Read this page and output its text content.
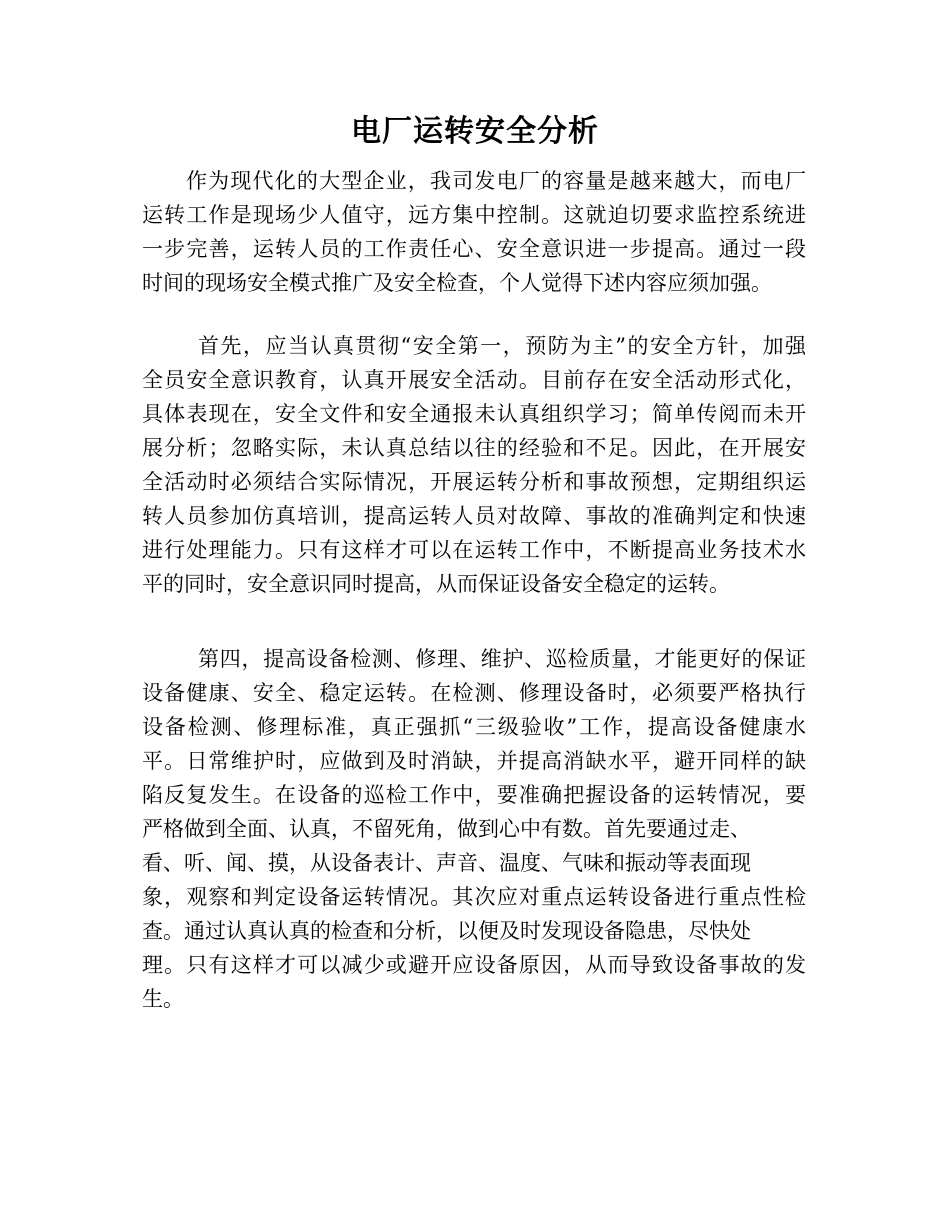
电厂运转安全分析

作为现代化的大型企业，我司发电厂的容量是越来越大，而电厂
运转工作是现场少人值守，远方集中控制。这就迫切要求监控系统进
一步完善，运转人员的工作责任心、安全意识进一步提高。通过一段
时间的现场安全模式推广及安全检查，个人觉得下述内容应须加强。

首先，应当认真贯彻“安全第一，预防为主”的安全方针，加强
全员安全意识教育，认真开展安全活动。目前存在安全活动形式化，
具体表现在，安全文件和安全通报未认真组织学习；简单传阅而未开
展分析；忽略实际，未认真总结以往的经验和不足。因此，在开展安
全活动时必须结合实际情况，开展运转分析和事故预想，定期组织运
转人员参加仿真培训，提高运转人员对故障、事故的准确判定和快速
进行处理能力。只有这样才可以在运转工作中，不断提高业务技术水
平的同时，安全意识同时提高，从而保证设备安全稳定的运转。

第四，提高设备检测、修理、维护、巡检质量，才能更好的保证
设备健康、安全、稳定运转。在检测、修理设备时，必须要严格执行
设备检测、修理标准，真正强抓“三级验收”工作，提高设备健康水
平。日常维护时，应做到及时消缺，并提高消缺水平，避开同样的缺
陷反复发生。在设备的巡检工作中，要准确把握设备的运转情况，要
严格做到全面、认真，不留死角，做到心中有数。首先要通过走、
看、听、闻、摸，从设备表计、声音、温度、气味和振动等表面现
象，观察和判定设备运转情况。其次应对重点运转设备进行重点性检
查。通过认真认真的检查和分析，以便及时发现设备隐患，尽快处
理。只有这样才可以减少或避开应设备原因，从而导致设备事故的发
生。
